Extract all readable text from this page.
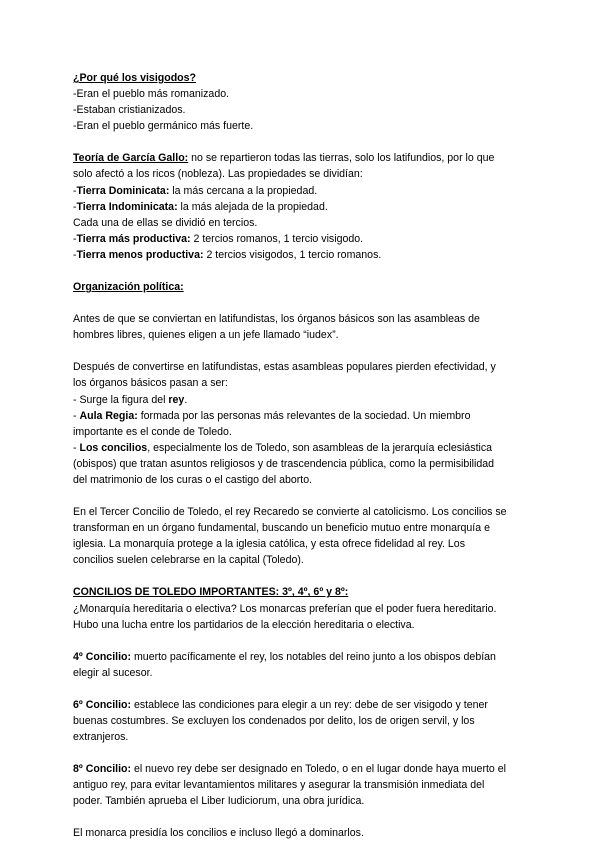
¿Por qué los visigodos?
-Eran el pueblo más romanizado.
-Estaban cristianizados.
-Eran el pueblo germánico más fuerte.
Teoría de García Gallo: no se repartieron todas las tierras, solo los latifundios, por lo que
solo afectó a los ricos (nobleza). Las propiedades se dividían:
-Tierra Dominicata: la más cercana a la propiedad.
-Tierra Indominicata: la más alejada de la propiedad.
Cada una de ellas se dividió en tercios.
-Tierra más productiva: 2 tercios romanos, 1 tercio visigodo.
-Tierra menos productiva: 2 tercios visigodos, 1 tercio romanos.
Organización política:
Antes de que se conviertan en latifundistas, los órganos básicos son las asambleas de
hombres libres, quienes eligen a un jefe llamado “iudex”.
Después de convertirse en latifundistas, estas asambleas populares pierden efectividad, y
los órganos básicos pasan a ser:
- Surge la figura del rey.
- Aula Regia: formada por las personas más relevantes de la sociedad. Un miembro
importante es el conde de Toledo.
- Los concilios, especialmente los de Toledo, son asambleas de la jerarquía eclesiástica
(obispos) que tratan asuntos religiosos y de trascendencia pública, como la permisibilidad
del matrimonio de los curas o el castigo del aborto.
En el Tercer Concilio de Toledo, el rey Recaredo se convierte al catolicismo. Los concilios se
transforman en un órgano fundamental, buscando un beneficio mutuo entre monarquía e
iglesia. La monarquía protege a la iglesia católica, y esta ofrece fidelidad al rey. Los
concilios suelen celebrarse en la capital (Toledo).
CONCILIOS DE TOLEDO IMPORTANTES: 3º, 4º, 6º y 8º:
¿Monarquía hereditaria o electiva? Los monarcas preferían que el poder fuera hereditario.
Hubo una lucha entre los partidarios de la elección hereditaria o electiva.
4º Concilio: muerto pacíficamente el rey, los notables del reino junto a los obispos debían
elegir al sucesor.
6º Concilio: establece las condiciones para elegir a un rey: debe de ser visigodo y tener
buenas costumbres. Se excluyen los condenados por delito, los de origen servil, y los
extranjeros.
8º Concilio: el nuevo rey debe ser designado en Toledo, o en el lugar donde haya muerto el
antiguo rey, para evitar levantamientos militares y asegurar la transmisión inmediata del
poder. También aprueba el Liber Iudiciorum, una obra jurídica.
El monarca presidía los concilios e incluso llegó a dominarlos.
